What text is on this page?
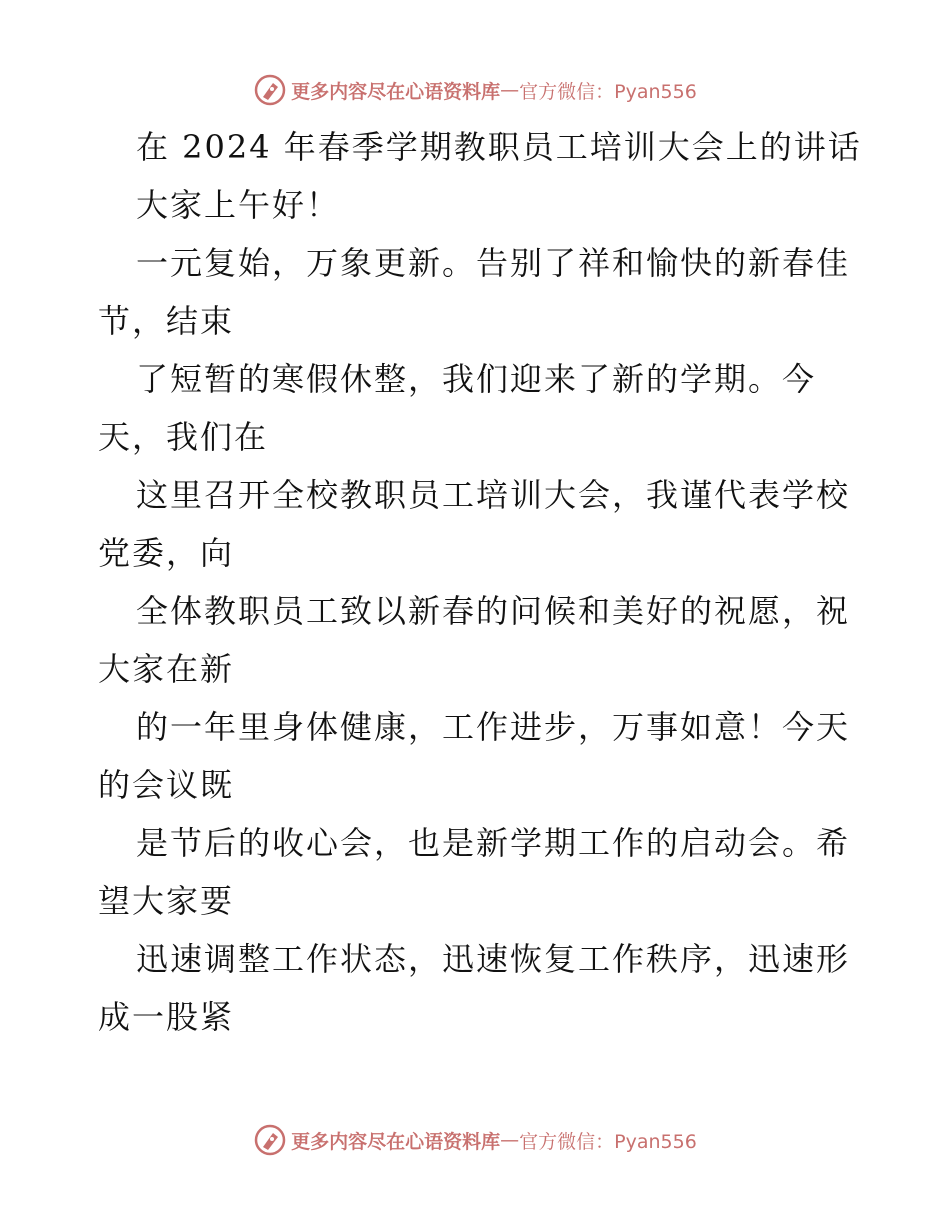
更多内容尽在心语资料库 — 官方微信：Pyan556
在 2024 年春季学期教职员工培训大会上的讲话
大家上午好！
一元复始，万象更新。告别了祥和愉快的新春佳
节，结束
了短暂的寒假休整，我们迎来了新的学期。今
天，我们在
这里召开全校教职员工培训大会，我谨代表学校
党委，向
全体教职员工致以新春的问候和美好的祝愿，祝
大家在新
的一年里身体健康，工作进步，万事如意！今天
的会议既
是节后的收心会，也是新学期工作的启动会。希
望大家要
迅速调整工作状态，迅速恢复工作秩序，迅速形
成一股紧
更多内容尽在心语资料库 — 官方微信：Pyan556
